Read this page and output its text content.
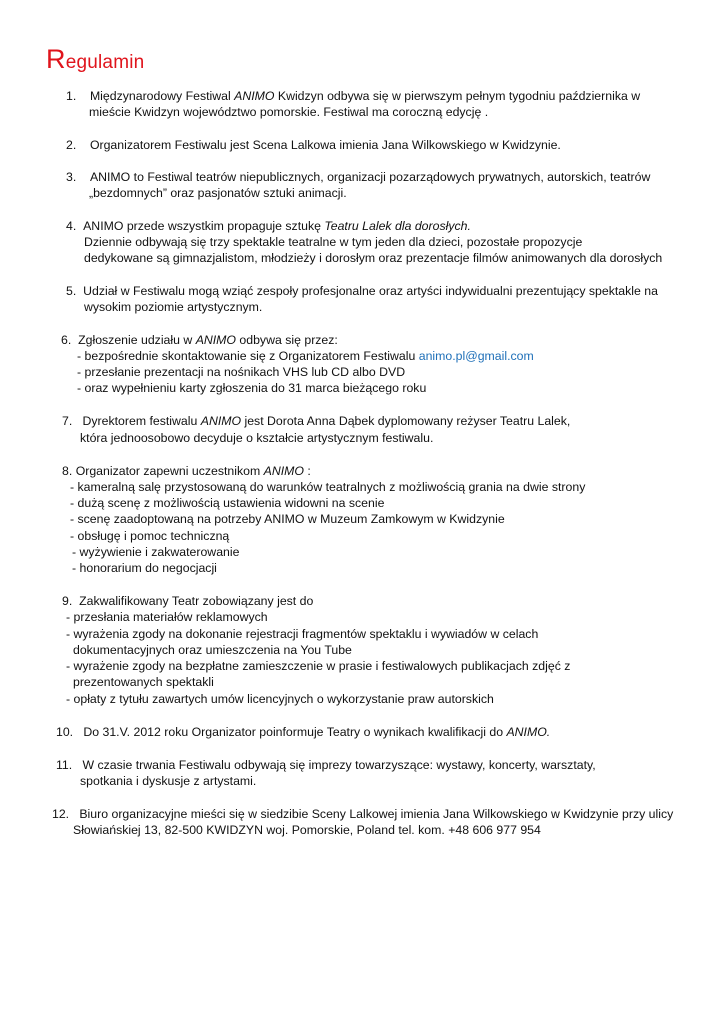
Regulamin
1. Międzynarodowy Festiwal ANIMO Kwidzyn odbywa się w pierwszym pełnym tygodniu października w
mieście Kwidzyn województwo pomorskie. Festiwal ma coroczną edycję .
2. Organizatorem Festiwalu jest Scena Lalkowa imienia Jana Wilkowskiego w Kwidzynie.
3. ANIMO to Festiwal teatrów niepublicznych, organizacji pozarządowych prywatnych, autorskich, teatrów
„bezdomnych” oraz pasjonatów sztuki animacji.
4. ANIMO przede wszystkim propaguje sztukę Teatru Lalek dla dorosłych.
Dziennie odbywają się trzy spektakle teatralne w tym jeden dla dzieci, pozostałe propozycje
dedykowane są gimnazjalistom, młodzieży i dorosłym oraz prezentacje filmów animowanych dla dorosłych
5. Udział w Festiwalu mogą wziąć zespoły profesjonalne oraz artyści indywidualni prezentujący spektakle na
wysokim poziomie artystycznym.
6. Zgłoszenie udziału w ANIMO odbywa się przez:
- bezpośrednie skontaktowanie się z Organizatorem Festiwalu animo.pl@gmail.com
- przesłanie prezentacji na nośnikach VHS lub CD albo DVD
- oraz wypełnieniu karty zgłoszenia do 31 marca bieżącego roku
7. Dyrektorem festiwalu ANIMO jest Dorota Anna Dąbek dyplomowany reżyser Teatru Lalek,
która jednoosobowo decyduje o kształcie artystycznym festiwalu.
8. Organizator zapewni uczestnikom ANIMO :
- kameralną salę przystosowaną do warunków teatralnych z możliwością grania na dwie strony
- dużą scenę z możliwością ustawienia widowni na scenie
- scenę zaadoptowaną na potrzeby ANIMO w Muzeum Zamkowym w Kwidzynie
- obsługę i pomoc techniczną
- wyżywienie i zakwaterowanie
- honorarium do negocjacji
9. Zakwalifikowany Teatr zobowiązany jest do
- przesłania materiałów reklamowych
- wyrażenia zgody na dokonanie rejestracji fragmentów spektaklu i wywiadów w celach
dokumentacyjnych oraz umieszczenia na You Tube
- wyrażenie zgody na bezpłatne zamieszczenie w prasie i festiwalowych publikacjach zdjęć z
prezentowanych spektakli
- opłaty z tytułu zawartych umów licencyjnych o wykorzystanie praw autorskich
10. Do 31.V. 2012 roku Organizator poinformuje Teatry o wynikach kwalifikacji do ANIMO.
11. W czasie trwania Festiwalu odbywają się imprezy towarzyszące: wystawy, koncerty, warsztaty,
spotkania i dyskusje z artystami.
12. Biuro organizacyjne mieści się w siedzibie Sceny Lalkowej imienia Jana Wilkowskiego w Kwidzynie przy ulicy
Słowiańskiej 13, 82-500 KWIDZYN woj. Pomorskie, Poland tel. kom. +48 606 977 954
